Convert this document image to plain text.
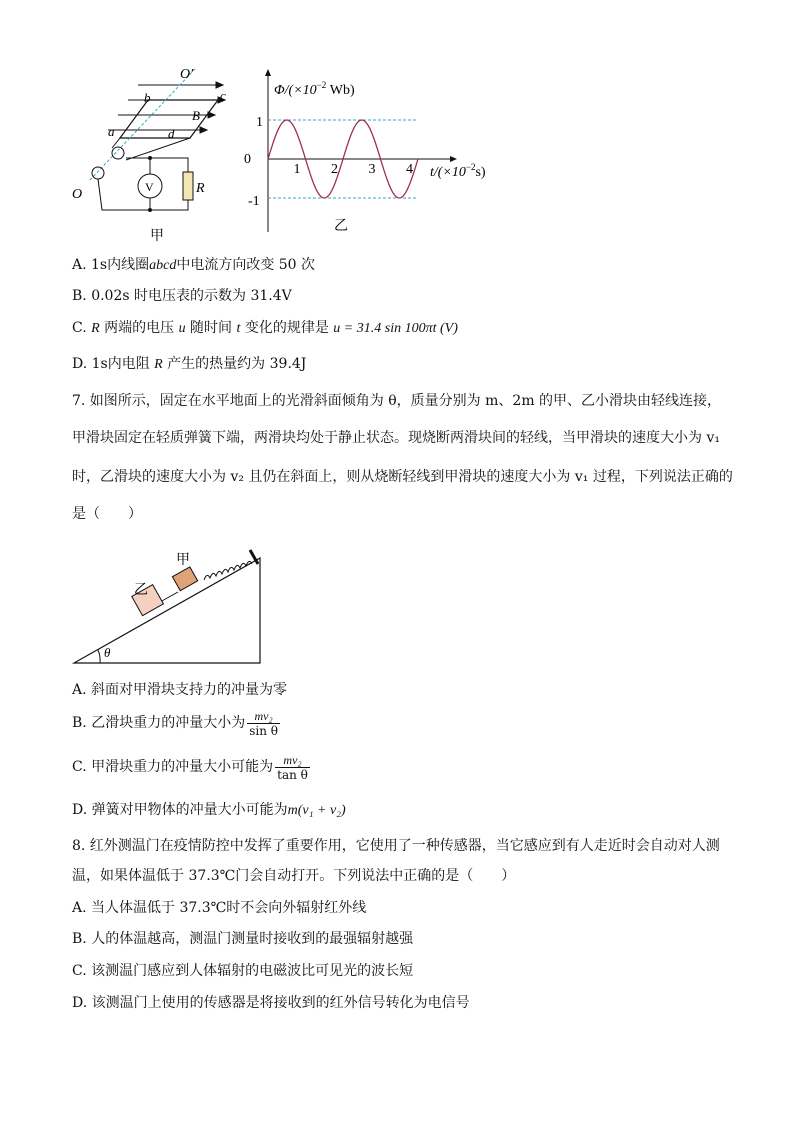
O′
O
b	c
a	d
B
V	R
甲
1 2 3 4
0
1
-1
$\Phi/(\times 10^{-2}$ Wb)
$t/(\times 10^{-2}s)$
乙
A. 1s内线圈abcd中电流方向改变 50 次
B. 0.02s 时电压表的示数为 31.4V
C. R 两端的电压 u 随时间 t 变化的规律是 u = 31.4 sin 100πt (V)
D. 1s内电阻 R 产生的热量约为 39.4J
7. 如图所示，固定在水平地面上的光滑斜面倾角为 θ，质量分别为 m、2m 的甲、乙小滑块由轻线连接，
甲滑块固定在轻质弹簧下端，两滑块均处于静止状态。现烧断两滑块间的轻线，当甲滑块的速度大小为 v₁
时，乙滑块的速度大小为 v₂ 且仍在斜面上，则从烧断轻线到甲滑块的速度大小为 v₁ 过程，下列说法正确的
是（　　）
θ
甲
乙
A. 斜面对甲滑块支持力的冲量为零
B. 乙滑块重力的冲量大小为 $\frac{\text{mv₂}}{\text{sin θ}}$
C. 甲滑块重力的冲量大小可能为 $\frac{\text{mv₂}}{\text{tan θ}}$
D. 弹簧对甲物体的冲量大小可能为m(v₁ + v₂)
8. 红外测温门在疫情防控中发挥了重要作用，它使用了一种传感器，当它感应到有人走近时会自动对人测
温，如果体温低于 37.3℃门会自动打开。下列说法中正确的是（　　）
A. 当人体温低于 37.3℃时不会向外辐射红外线
B. 人的体温越高，测温门测量时接收到的最强辐射越强
C. 该测温门感应到人体辐射的电磁波比可见光的波长短
D. 该测温门上使用的传感器是将接收到的红外信号转化为电信号
